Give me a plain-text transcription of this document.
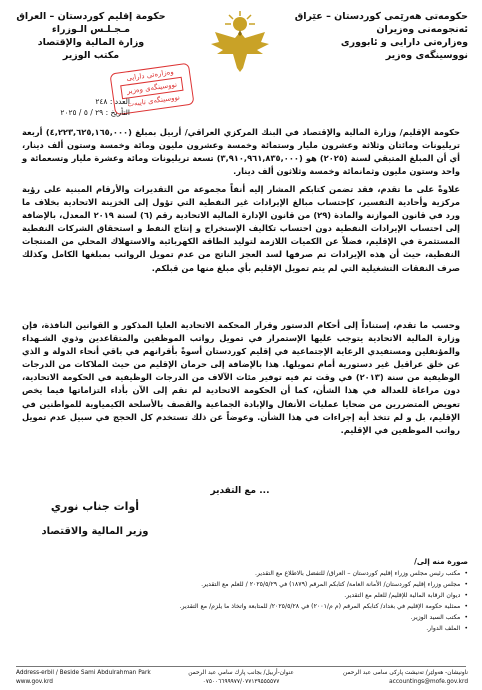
حكومەتی هەرێمی کوردستان – عێراق
ئەنجومەنی وەزیران
وەزارەتی دارایی و ئابووری
نووسینگەی وەزیر
حكومة إقليم كوردستان – العراق
مـجـلـس الـوزراء
وزارة المالية والإقتصاد
مكتب الوزير
وەزارەتی دارایی
نووسینگەی وەزیر
نووسینگەی تایبەت
العدد : ٢٤٨
التأريخ : ٢٩ / ٥ / ٢٠٢٥
حكومة الإقليم/ وزارة المالية والإقتصاد في البنك المركزي العراقي/ أربيل بمبلغ (٤,٢٢٣,٦٢٥,١٦٥,٠٠٠) أربعة تريليونات ومائتان وثلاثة وعشرون مليار وستمائة وخمسة وعشرون مليون ومائة وخمسة وستون ألف دينار، أي أن المبلغ المتبقي لسنة (٢٠٢٥) هو (٣,٩١٠,٩٦١,٨٣٥,٠٠٠) تسعة تريليونات ومائة وعشرة مليار وتسعمائة و واحد وستون مليون وثمانمائة وخمسة وثلاثون ألف دينار.
علاوةً على ما تقدم، فقد تضمن كتابكم المشار إليه أنفاً مجموعة من التقديرات والأرقام المبنية على رؤية مركزية وأحادية التفسير، كإحتساب مبالغ الإيرادات غير النفطية التي تؤول إلى الخزينة الاتحادية بخلاف ما ورد في قانون الموازنة والمادة (٢٩) من قانون الإدارة المالية الاتحادية رقم (٦) لسنة ٢٠١٩ المعدل، بالإضافة إلى احتساب الإيرادات النفطية دون احتساب تكاليف الإستخراج و إنتاج النفط و استحقاق الشركات النفطية المستثمرة في الإقليم، فضلاً عن الكميات اللازمة لتوليد الطاقة الكهربائية والاستهلاك المحلي من المنتجات النفطية، حيث أن هذه الإيرادات تم صرفها لسد العجز الناتج من عدم تمويل الرواتب بمبلغها الكامل وكذلك صرف النفقات التشغيلية التي لم يتم تمويل الإقليم بأي مبلغ منها من قبلكم.
وحسب ما تقدم، إستناداً إلى أحكام الدستور وقرار المحكمة الاتحادية العليا المذكور و القوانين النافذة، فإن وزارة المالية الاتحادية يتوجب عليها الإستمرار في تمويل رواتب الموظفين والمتقاعدين وذوي الشـهداء والمؤنفلين ومستفيدي الرعاية الإجتماعية في إقليم كوردستان أسوةً بأقرانهم في باقي أنحاء الدولة و الذي عن خلق عراقيل غير دستورية أمام تمويلها. هذا بالإضافة إلى حرمان الإقليم من حيث الملاكات من الدرجات الوظيفية من سنة (٢٠١٣) في وقت تم فيه توفير مئات الآلاف من الدرجات الوظيفية في الحكومة الاتحادية، دون مراعاة للعدالة في هذا الشأن، كما أن الحكومة الاتحادية لم تقم إلى الآن بأداء التزاماتها فيما يخص تعويض المتضررين من ضحايا عمليات الأنفال والإبادة الجماعية والقصف بالأسلحة الكيمياوية للمواطنين في الإقليم، بل و لم تتخذ أية إجراءات في هذا الشأن. وعوضاً عن ذلك تستخدم كل الحجج في سبيل عدم تمويل رواتب الموظفين في الإقليم.
مع التقدير ...
أوات جناب نوري
وزير المالية والاقتصاد
صورة منه إلى/
• مكتب رئيس مجلس وزراء إقليم كوردستان – العراق/ للتفضل بالاطلاع مع التقدير.
• مجلس وزراء إقليم كوردستان/ الأمانة العامة/ كتابكم المرقم (١٨٧٩) في ٢٠٢٥/٥/٢٩ / للعلم مع التقدير.
• ديوان الرقابة المالية للإقليم/ للعلم مع التقدير.
• ممثلية حكومة الإقليم في بغداد/ كتابكم المرقم (م م/٢٠٠١) في ٢٠٢٥/٥/٢٨/ للمتابعة واتخاذ ما يلزم/ مع التقدير.
• مكتب السيد الوزير.
• الملف الدوار.
Address-erbil / Beside Sami Abdulrahman Park
www.gov.krd
عنوان-أربيل/ بجانب پارك سامي عبد الرحمن
٠٧٥٠٠٦٦٩٩٩٧٧/٠٧٧١٣٩٥٥٥٥٧٧
ناونیشان- هەولێر/ تەنیشت پارکی سامی عبد الرحمن
accountings@mofe.gov.krd
